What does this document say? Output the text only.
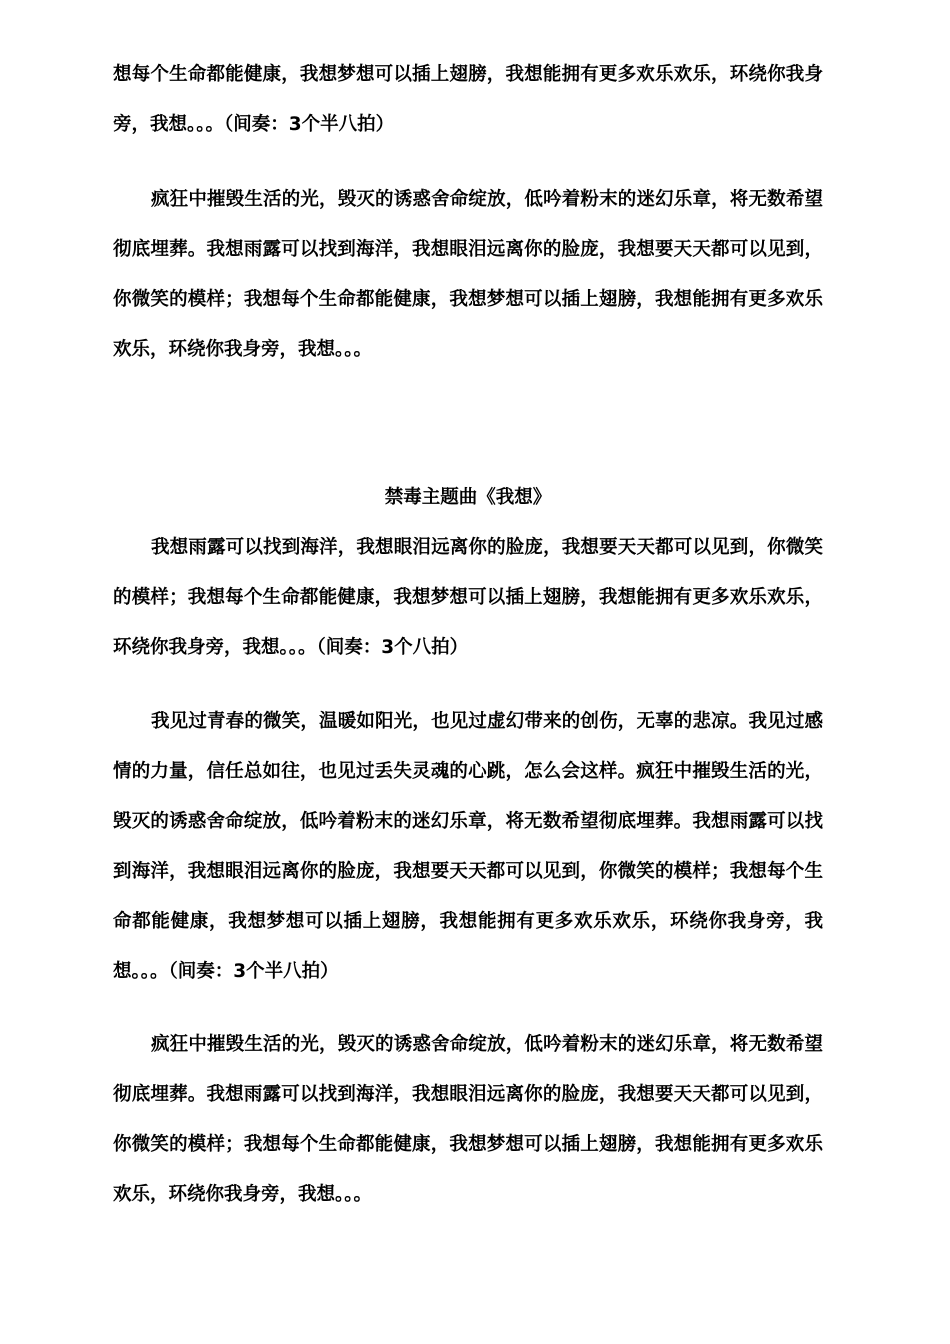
想每个生命都能健康，我想梦想可以插上翅膀，我想能拥有更多欢乐欢乐，环绕你我身旁，我想。。。（间奏：3个半八拍）

疯狂中摧毁生活的光，毁灭的诱惑舍命绽放，低吟着粉末的迷幻乐章，将无数希望彻底埋葬。我想雨露可以找到海洋，我想眼泪远离你的脸庞，我想要天天都可以见到，你微笑的模样；我想每个生命都能健康，我想梦想可以插上翅膀，我想能拥有更多欢乐欢乐，环绕你我身旁，我想。。。

禁毒主题曲《我想》

我想雨露可以找到海洋，我想眼泪远离你的脸庞，我想要天天都可以见到，你微笑的模样；我想每个生命都能健康，我想梦想可以插上翅膀，我想能拥有更多欢乐欢乐，环绕你我身旁，我想。。。（间奏：3个八拍）

我见过青春的微笑，温暖如阳光，也见过虚幻带来的创伤，无辜的悲凉。我见过感情的力量，信任总如往，也见过丢失灵魂的心跳，怎么会这样。疯狂中摧毁生活的光，毁灭的诱惑舍命绽放，低吟着粉末的迷幻乐章，将无数希望彻底埋葬。我想雨露可以找到海洋，我想眼泪远离你的脸庞，我想要天天都可以见到，你微笑的模样；我想每个生命都能健康，我想梦想可以插上翅膀，我想能拥有更多欢乐欢乐，环绕你我身旁，我想。。。（间奏：3个半八拍）

疯狂中摧毁生活的光，毁灭的诱惑舍命绽放，低吟着粉末的迷幻乐章，将无数希望彻底埋葬。我想雨露可以找到海洋，我想眼泪远离你的脸庞，我想要天天都可以见到，你微笑的模样；我想每个生命都能健康，我想梦想可以插上翅膀，我想能拥有更多欢乐欢乐，环绕你我身旁，我想。。。
